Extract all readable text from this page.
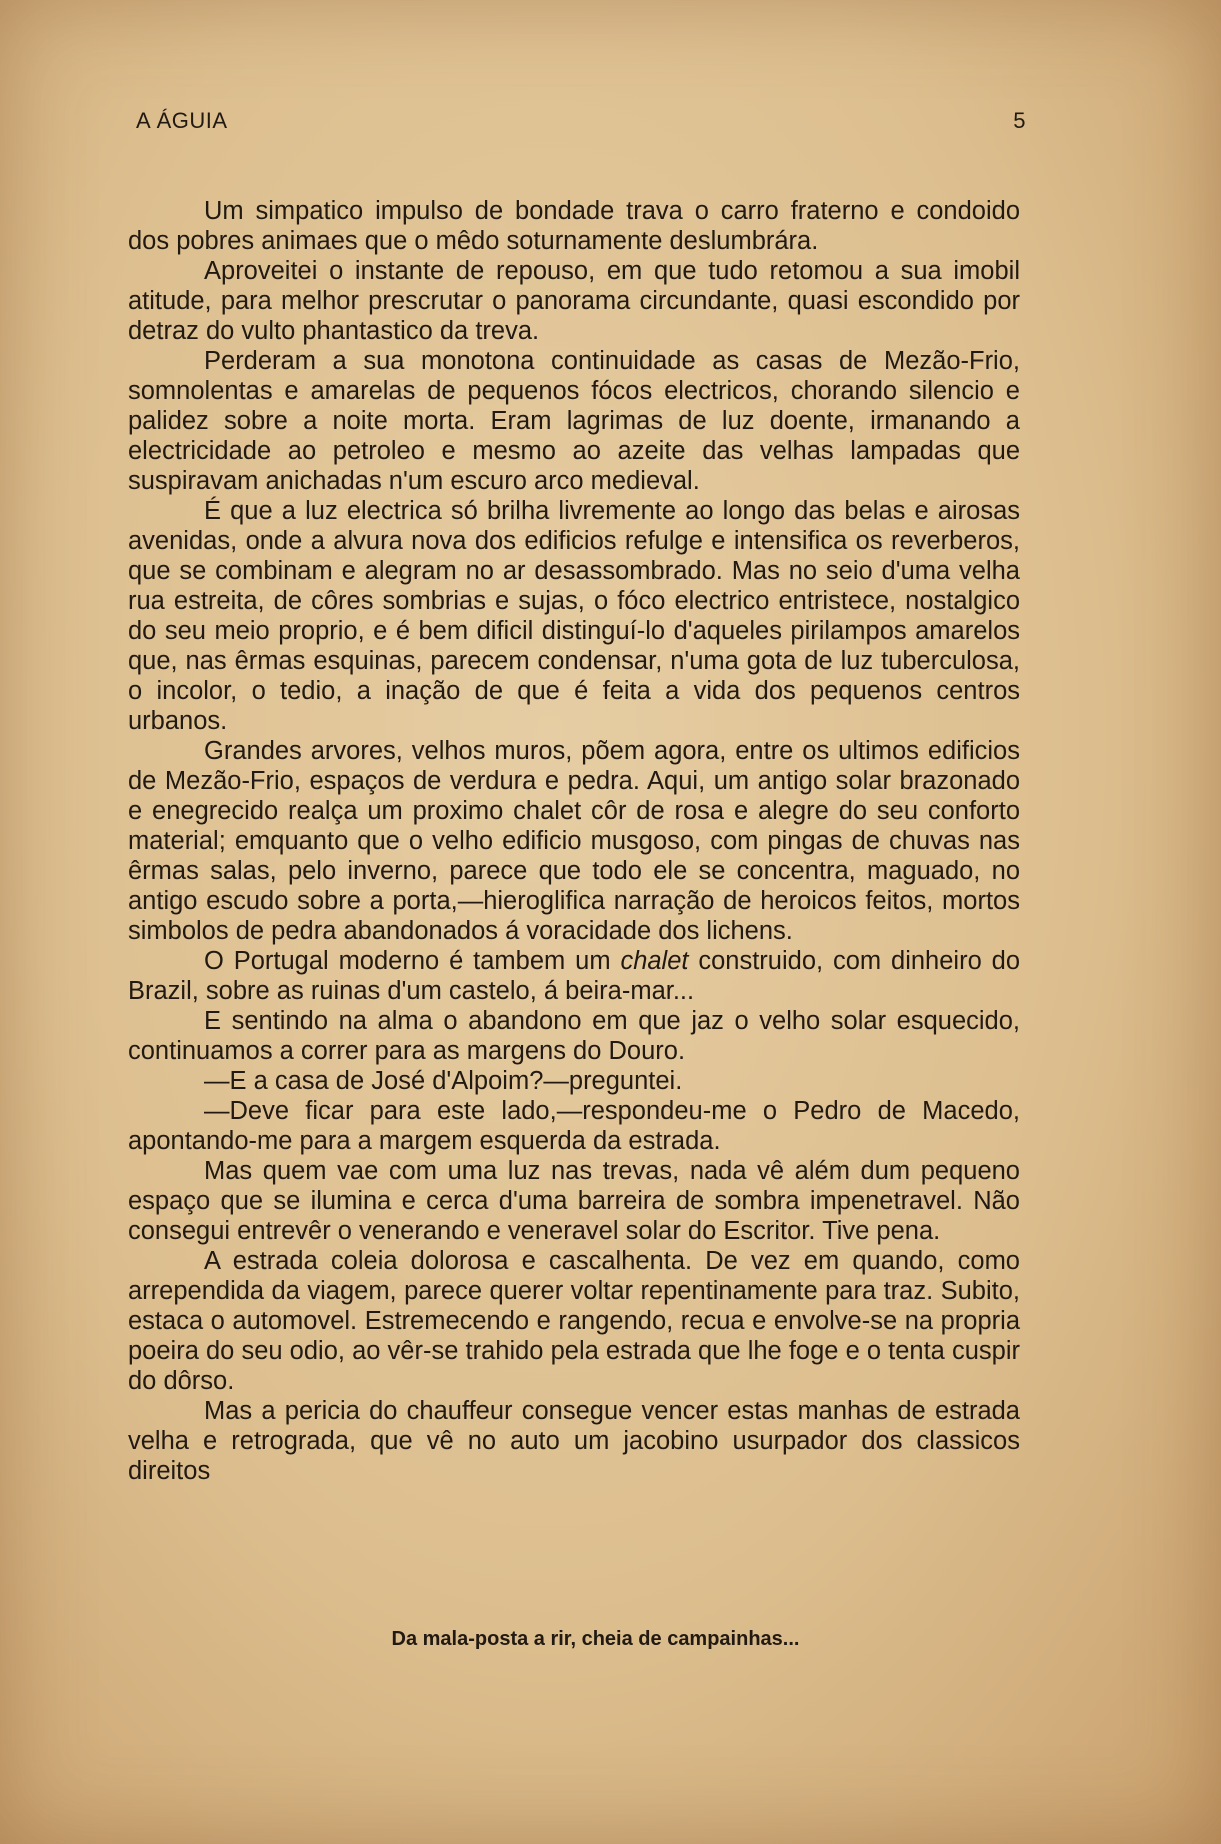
A ÁGUIA	5

Um simpatico impulso de bondade trava o carro fraterno e condoido dos pobres animaes que o mêdo soturnamente deslumbrára.

Aproveitei o instante de repouso, em que tudo retomou a sua imobil atitude, para melhor prescrutar o panorama circundante, quasi escondido por detraz do vulto phantastico da treva.

Perderam a sua monotona continuidade as casas de Mezão-Frio, somnolentas e amarelas de pequenos fócos electricos, chorando silencio e palidez sobre a noite morta. Eram lagrimas de luz doente, irmanando a electricidade ao petroleo e mesmo ao azeite das velhas lampadas que suspiravam anichadas n'um escuro arco medieval.

É que a luz electrica só brilha livremente ao longo das belas e airosas avenidas, onde a alvura nova dos edificios refulge e intensifica os reverberos, que se combinam e alegram no ar desassombrado. Mas no seio d'uma velha rua estreita, de côres sombrias e sujas, o fóco electrico entristece, nostalgico do seu meio proprio, e é bem dificil distinguí-lo d'aqueles pirilampos amarelos que, nas êrmas esquinas, parecem condensar, n'uma gota de luz tuberculosa, o incolor, o tedio, a inação de que é feita a vida dos pequenos centros urbanos.

Grandes arvores, velhos muros, põem agora, entre os ultimos edificios de Mezão-Frio, espaços de verdura e pedra. Aqui, um antigo solar brazonado e enegrecido realça um proximo chalet côr de rosa e alegre do seu conforto material; emquanto que o velho edificio musgoso, com pingas de chuvas nas êrmas salas, pelo inverno, parece que todo ele se concentra, maguado, no antigo escudo sobre a porta,—hieroglifica narração de heroicos feitos, mortos simbolos de pedra abandonados á voracidade dos lichens.

O Portugal moderno é tambem um chalet construido, com dinheiro do Brazil, sobre as ruinas d'um castelo, á beira-mar...

E sentindo na alma o abandono em que jaz o velho solar esquecido, continuamos a correr para as margens do Douro.

—E a casa de José d'Alpoim?—preguntei.

—Deve ficar para este lado,—respondeu-me o Pedro de Macedo, apontando-me para a margem esquerda da estrada.

Mas quem vae com uma luz nas trevas, nada vê além dum pequeno espaço que se ilumina e cerca d'uma barreira de sombra impenetravel. Não consegui entrevêr o venerando e veneravel solar do Escritor. Tive pena.

A estrada coleia dolorosa e cascalhenta. De vez em quando, como arrependida da viagem, parece querer voltar repentinamente para traz. Subito, estaca o automovel. Estremecendo e rangendo, recua e envolve-se na propria poeira do seu odio, ao vêr-se trahido pela estrada que lhe foge e o tenta cuspir do dôrso.

Mas a pericia do chauffeur consegue vencer estas manhas de estrada velha e retrograda, que vê no auto um jacobino usurpador dos classicos direitos

Da mala-posta a rir, cheia de campainhas...
